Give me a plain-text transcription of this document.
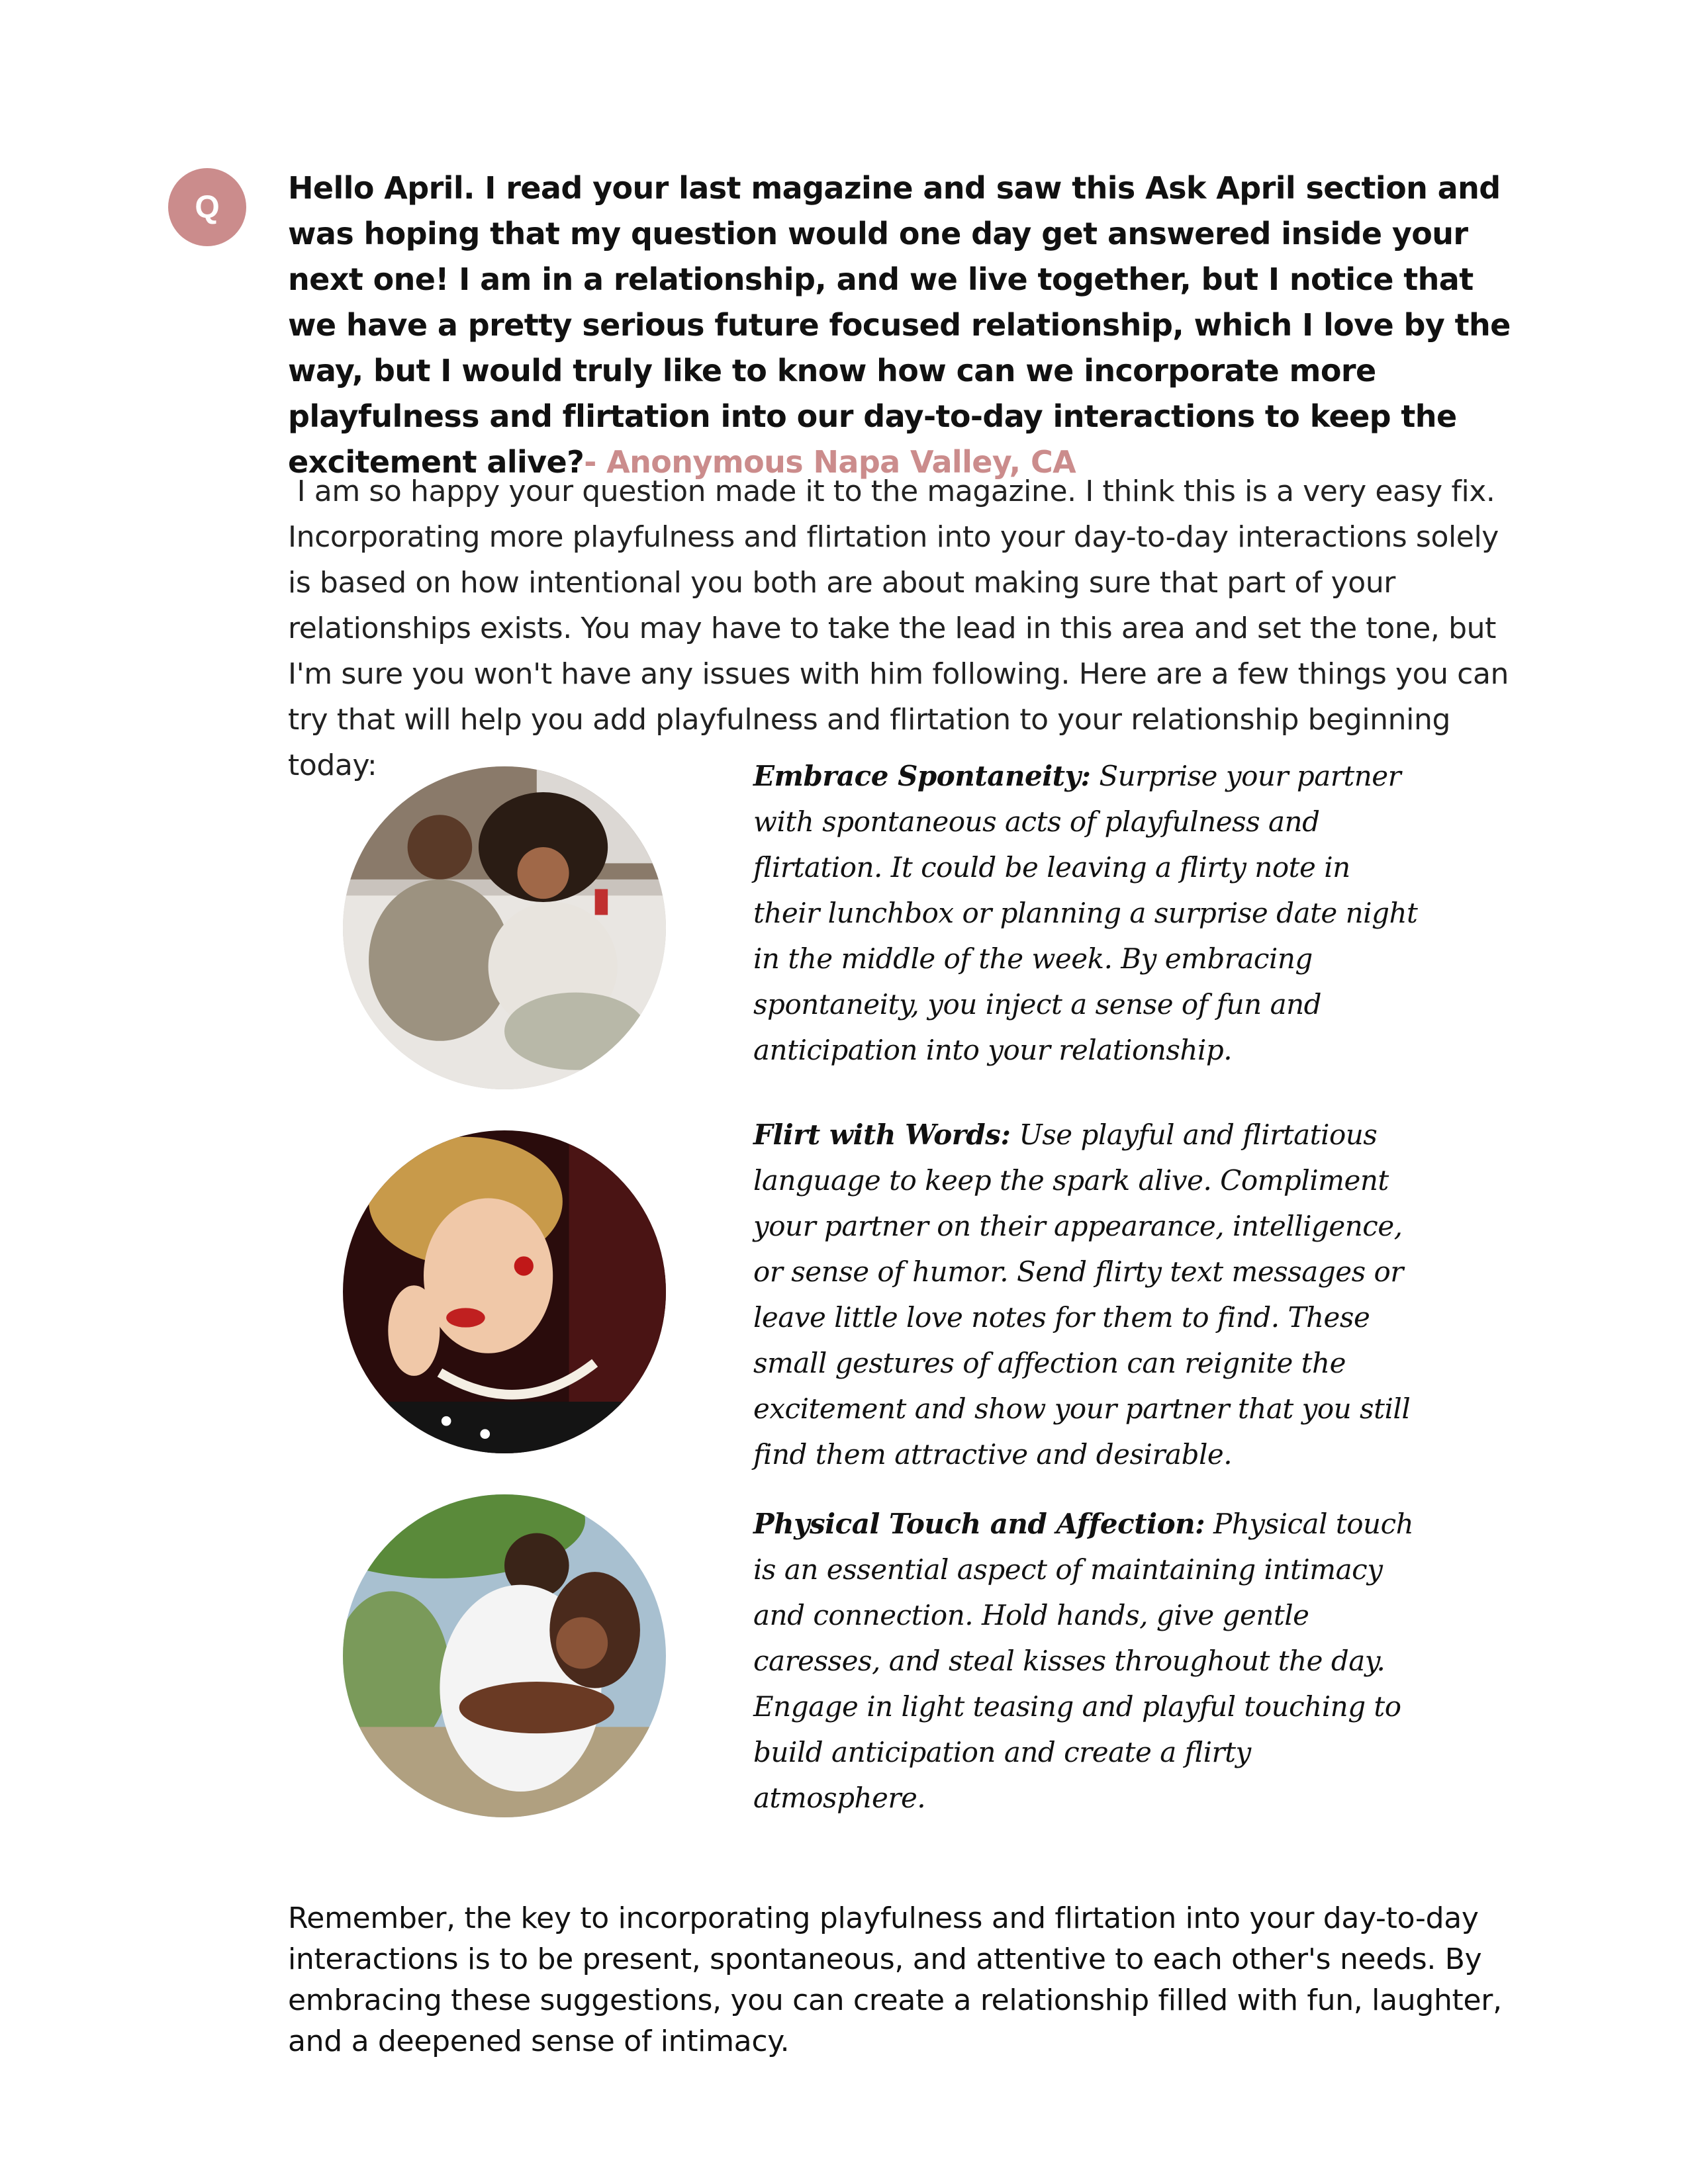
Q

Hello April. I read your last magazine and saw this Ask April section and was hoping that my question would one day get answered inside your next one! I am in a relationship, and we live together, but I notice that we have a pretty serious future focused relationship, which I love by the way, but I would truly like to know how can we incorporate more playfulness and flirtation into our day-to-day interactions to keep the excitement alive?- Anonymous Napa Valley, CA

I am so happy your question made it to the magazine. I think this is a very easy fix. Incorporating more playfulness and flirtation into your day-to-day interactions solely is based on how intentional you both are about making sure that part of your relationships exists. You may have to take the lead in this area and set the tone, but I'm sure you won't have any issues with him following. Here are a few things you can try that will help you add playfulness and flirtation to your relationship beginning today:	Embrace Spontaneity: Surprise your partner with spontaneous acts of playfulness and flirtation. It could be leaving a flirty note in their lunchbox or planning a surprise date night in the middle of the week. By embracing spontaneity, you inject a sense of fun and anticipation into your relationship.
Flirt with Words: Use playful and flirtatious language to keep the spark alive. Compliment your partner on their appearance, intelligence, or sense of humor. Send flirty text messages or leave little love notes for them to find. These small gestures of affection can reignite the excitement and show your partner that you still find them attractive and desirable.
Physical Touch and Affection: Physical touch is an essential aspect of maintaining intimacy and connection. Hold hands, give gentle caresses, and steal kisses throughout the day. Engage in light teasing and playful touching to build anticipation and create a flirty atmosphere.

Remember, the key to incorporating playfulness and flirtation into your day-to-day interactions is to be present, spontaneous, and attentive to each other's needs. By embracing these suggestions, you can create a relationship filled with fun, laughter, and a deepened sense of intimacy.
